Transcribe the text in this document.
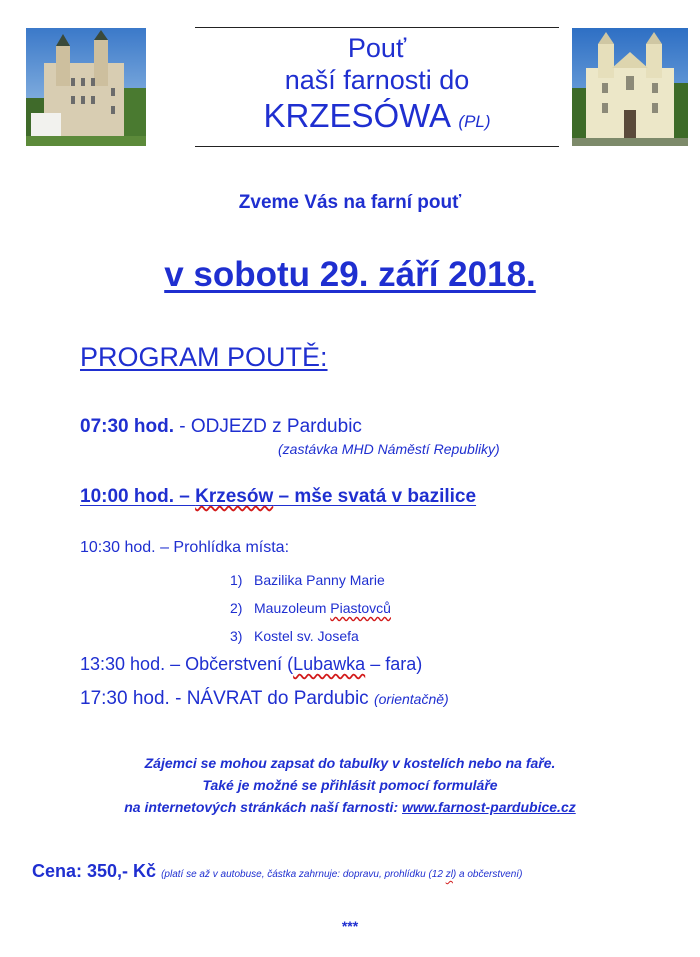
Pouť
naší farnosti do
KRZESÓWA (PL)
Zveme Vás na farní pouť
v sobotu 29. září 2018.
PROGRAM POUTĚ:
07:30 hod. - ODJEZD z Pardubic
(zastávka MHD Náměstí Republiky)
10:00 hod. – Krzesów – mše svatá v bazilice
10:30 hod. – Prohlídka místa:
1) Bazilika Panny Marie
2) Mauzoleum Piastovců
3) Kostel sv. Josefa
13:30 hod. – Občerstvení (Lubawka – fara)
17:30 hod. - NÁVRAT do Pardubic (orientačně)
Zájemci se mohou zapsat do tabulky v kostelích nebo na faře.
Také je možné se přihlásit pomocí formuláře
na internetových stránkách naší farnosti: www.farnost-pardubice.cz
Cena: 350,- Kč (platí se až v autobuse, částka zahrnuje: dopravu, prohlídku (12 zl) a občerstvení)
***
